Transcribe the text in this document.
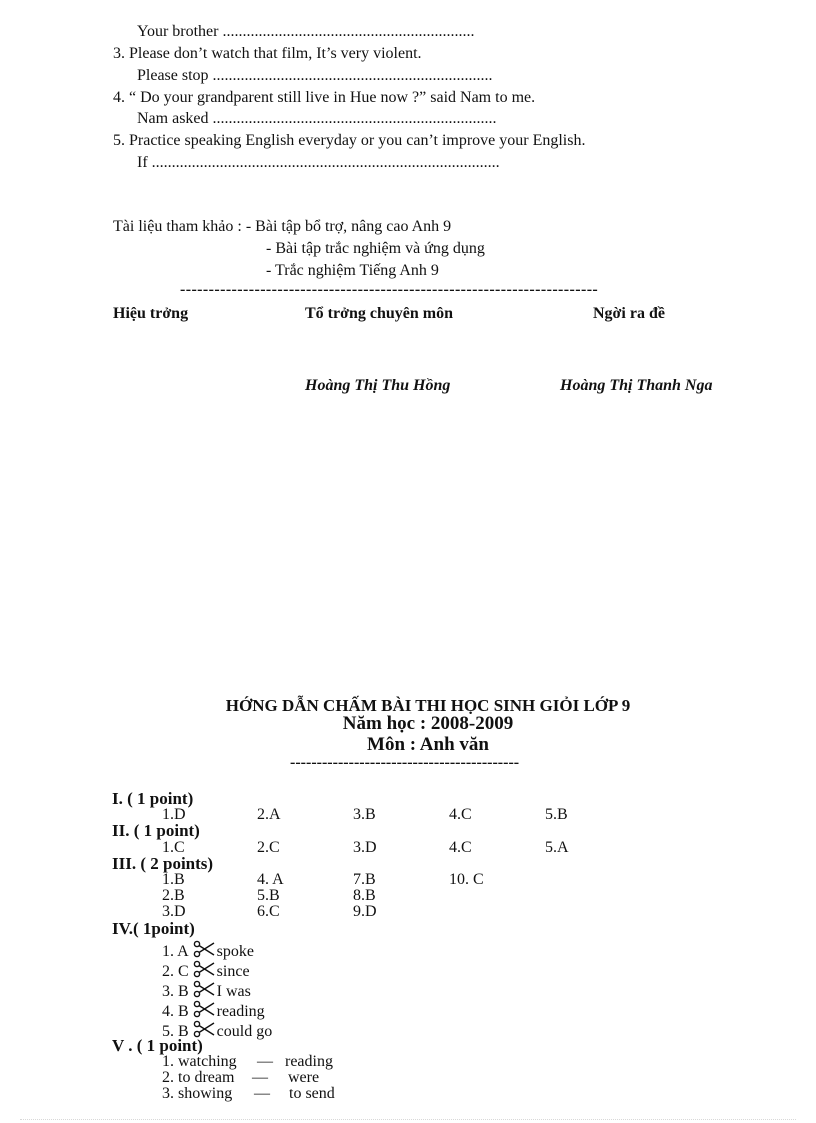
Your brother ...............................................................
3. Please don’t watch that film, It’s very violent.
Please stop ......................................................................
4. “ Do your grandparent still live in Hue now ?” said Nam to me.
Nam asked .......................................................................
5. Practice speaking English everyday or you can’t improve your English.
If .......................................................................................
Tài liệu tham khảo : - Bài tập bổ trợ, nâng cao Anh 9
- Bài tập trắc nghiệm và ứng dụng
- Trắc nghiệm Tiếng Anh 9
-------------------------------------------------------------------------
Hiệu trởng	Tổ trởng chuyên môn	Ngời ra đề
Hoàng Thị Thu Hồng	Hoàng Thị Thanh Nga
HỚNG DẪN CHẤM BÀI THI HỌC SINH GIỎI LỚP 9
Năm học : 2008-2009
Môn : Anh văn
-------------------------------------------
I. ( 1 point)
1.D	2.A	3.B	4.C	5.B
II. ( 1 point)
1.C	2.C	3.D	4.C	5.A
III. ( 2 points)
1.B	4. A	7.B	10. C
2.B	5.B	8.B
3.D	6.C	9.D
IV.( 1point)
1. A spoke
2. C since
3. B I was
4. B reading
5. B could go
V . ( 1 point)
1. watching — reading
2. to dream — were
3. showing — to send
